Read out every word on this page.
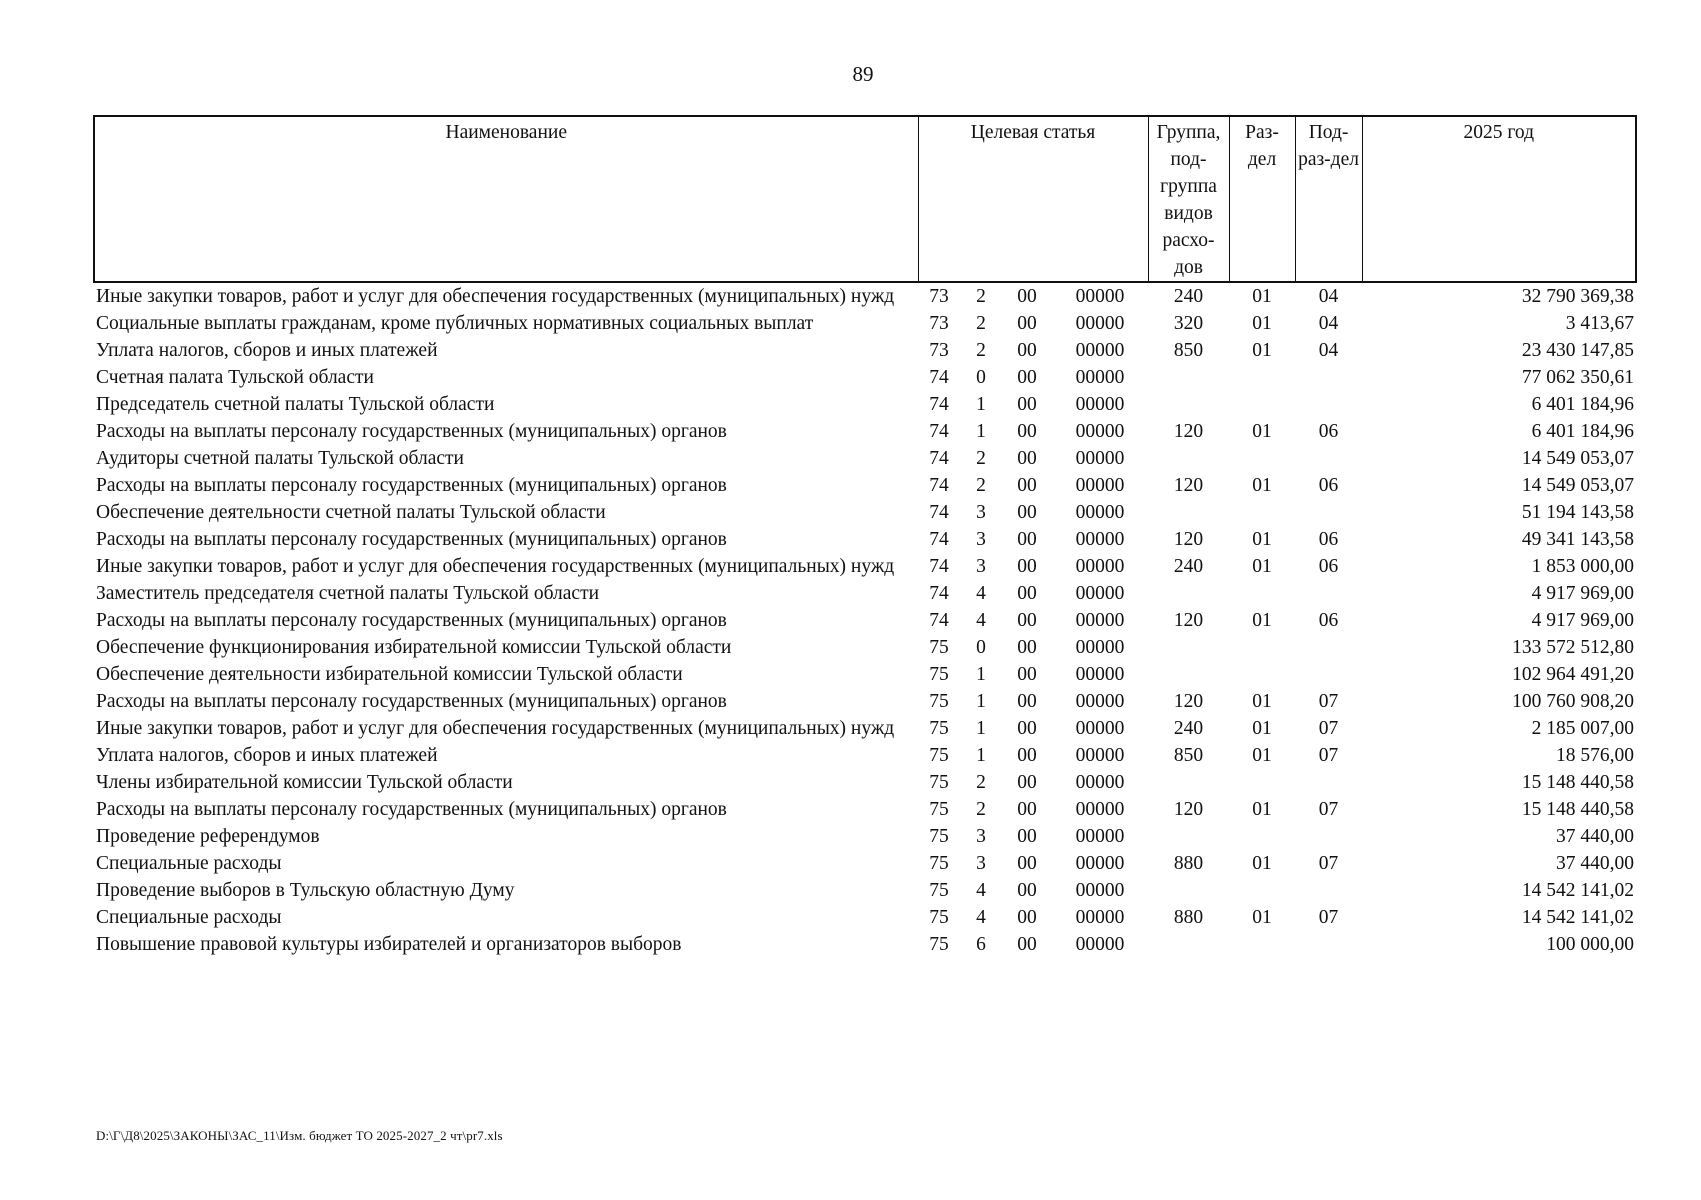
89
Наименование	Целевая статья				Группа, под-группа видов расхо-дов	Раз-дел	Под-раз-дел	2025 год
Иные закупки товаров, работ и услуг для обеспечения государственных (муниципальных) нужд	73	2	00	00000	240	01	04	32 790 369,38
Социальные выплаты гражданам, кроме публичных нормативных социальных выплат	73	2	00	00000	320	01	04	3 413,67
Уплата налогов, сборов и иных платежей	73	2	00	00000	850	01	04	23 430 147,85
Счетная палата Тульской области	74	0	00	00000				77 062 350,61
Председатель счетной палаты Тульской области	74	1	00	00000				6 401 184,96
Расходы на выплаты персоналу государственных (муниципальных) органов	74	1	00	00000	120	01	06	6 401 184,96
Аудиторы счетной палаты Тульской области	74	2	00	00000				14 549 053,07
Расходы на выплаты персоналу государственных (муниципальных) органов	74	2	00	00000	120	01	06	14 549 053,07
Обеспечение деятельности счетной палаты Тульской области	74	3	00	00000				51 194 143,58
Расходы на выплаты персоналу государственных (муниципальных) органов	74	3	00	00000	120	01	06	49 341 143,58
Иные закупки товаров, работ и услуг для обеспечения государственных (муниципальных) нужд	74	3	00	00000	240	01	06	1 853 000,00
Заместитель председателя счетной палаты Тульской области	74	4	00	00000				4 917 969,00
Расходы на выплаты персоналу государственных (муниципальных) органов	74	4	00	00000	120	01	06	4 917 969,00
Обеспечение функционирования избирательной комиссии Тульской области	75	0	00	00000				133 572 512,80
Обеспечение деятельности избирательной комиссии Тульской области	75	1	00	00000				102 964 491,20
Расходы на выплаты персоналу государственных (муниципальных) органов	75	1	00	00000	120	01	07	100 760 908,20
Иные закупки товаров, работ и услуг для обеспечения государственных (муниципальных) нужд	75	1	00	00000	240	01	07	2 185 007,00
Уплата налогов, сборов и иных платежей	75	1	00	00000	850	01	07	18 576,00
Члены избирательной комиссии Тульской области	75	2	00	00000				15 148 440,58
Расходы на выплаты персоналу государственных (муниципальных) органов	75	2	00	00000	120	01	07	15 148 440,58
Проведение референдумов	75	3	00	00000				37 440,00
Специальные расходы	75	3	00	00000	880	01	07	37 440,00
Проведение выборов в Тульскую областную Думу	75	4	00	00000				14 542 141,02
Специальные расходы	75	4	00	00000	880	01	07	14 542 141,02
Повышение правовой культуры избирателей и организаторов выборов	75	6	00	00000				100 000,00
D:\Г\Д8\2025\ЗАКОНЫ\ЗАС_11\Изм. бюджет ТО 2025-2027_2 чт\pr7.xls
